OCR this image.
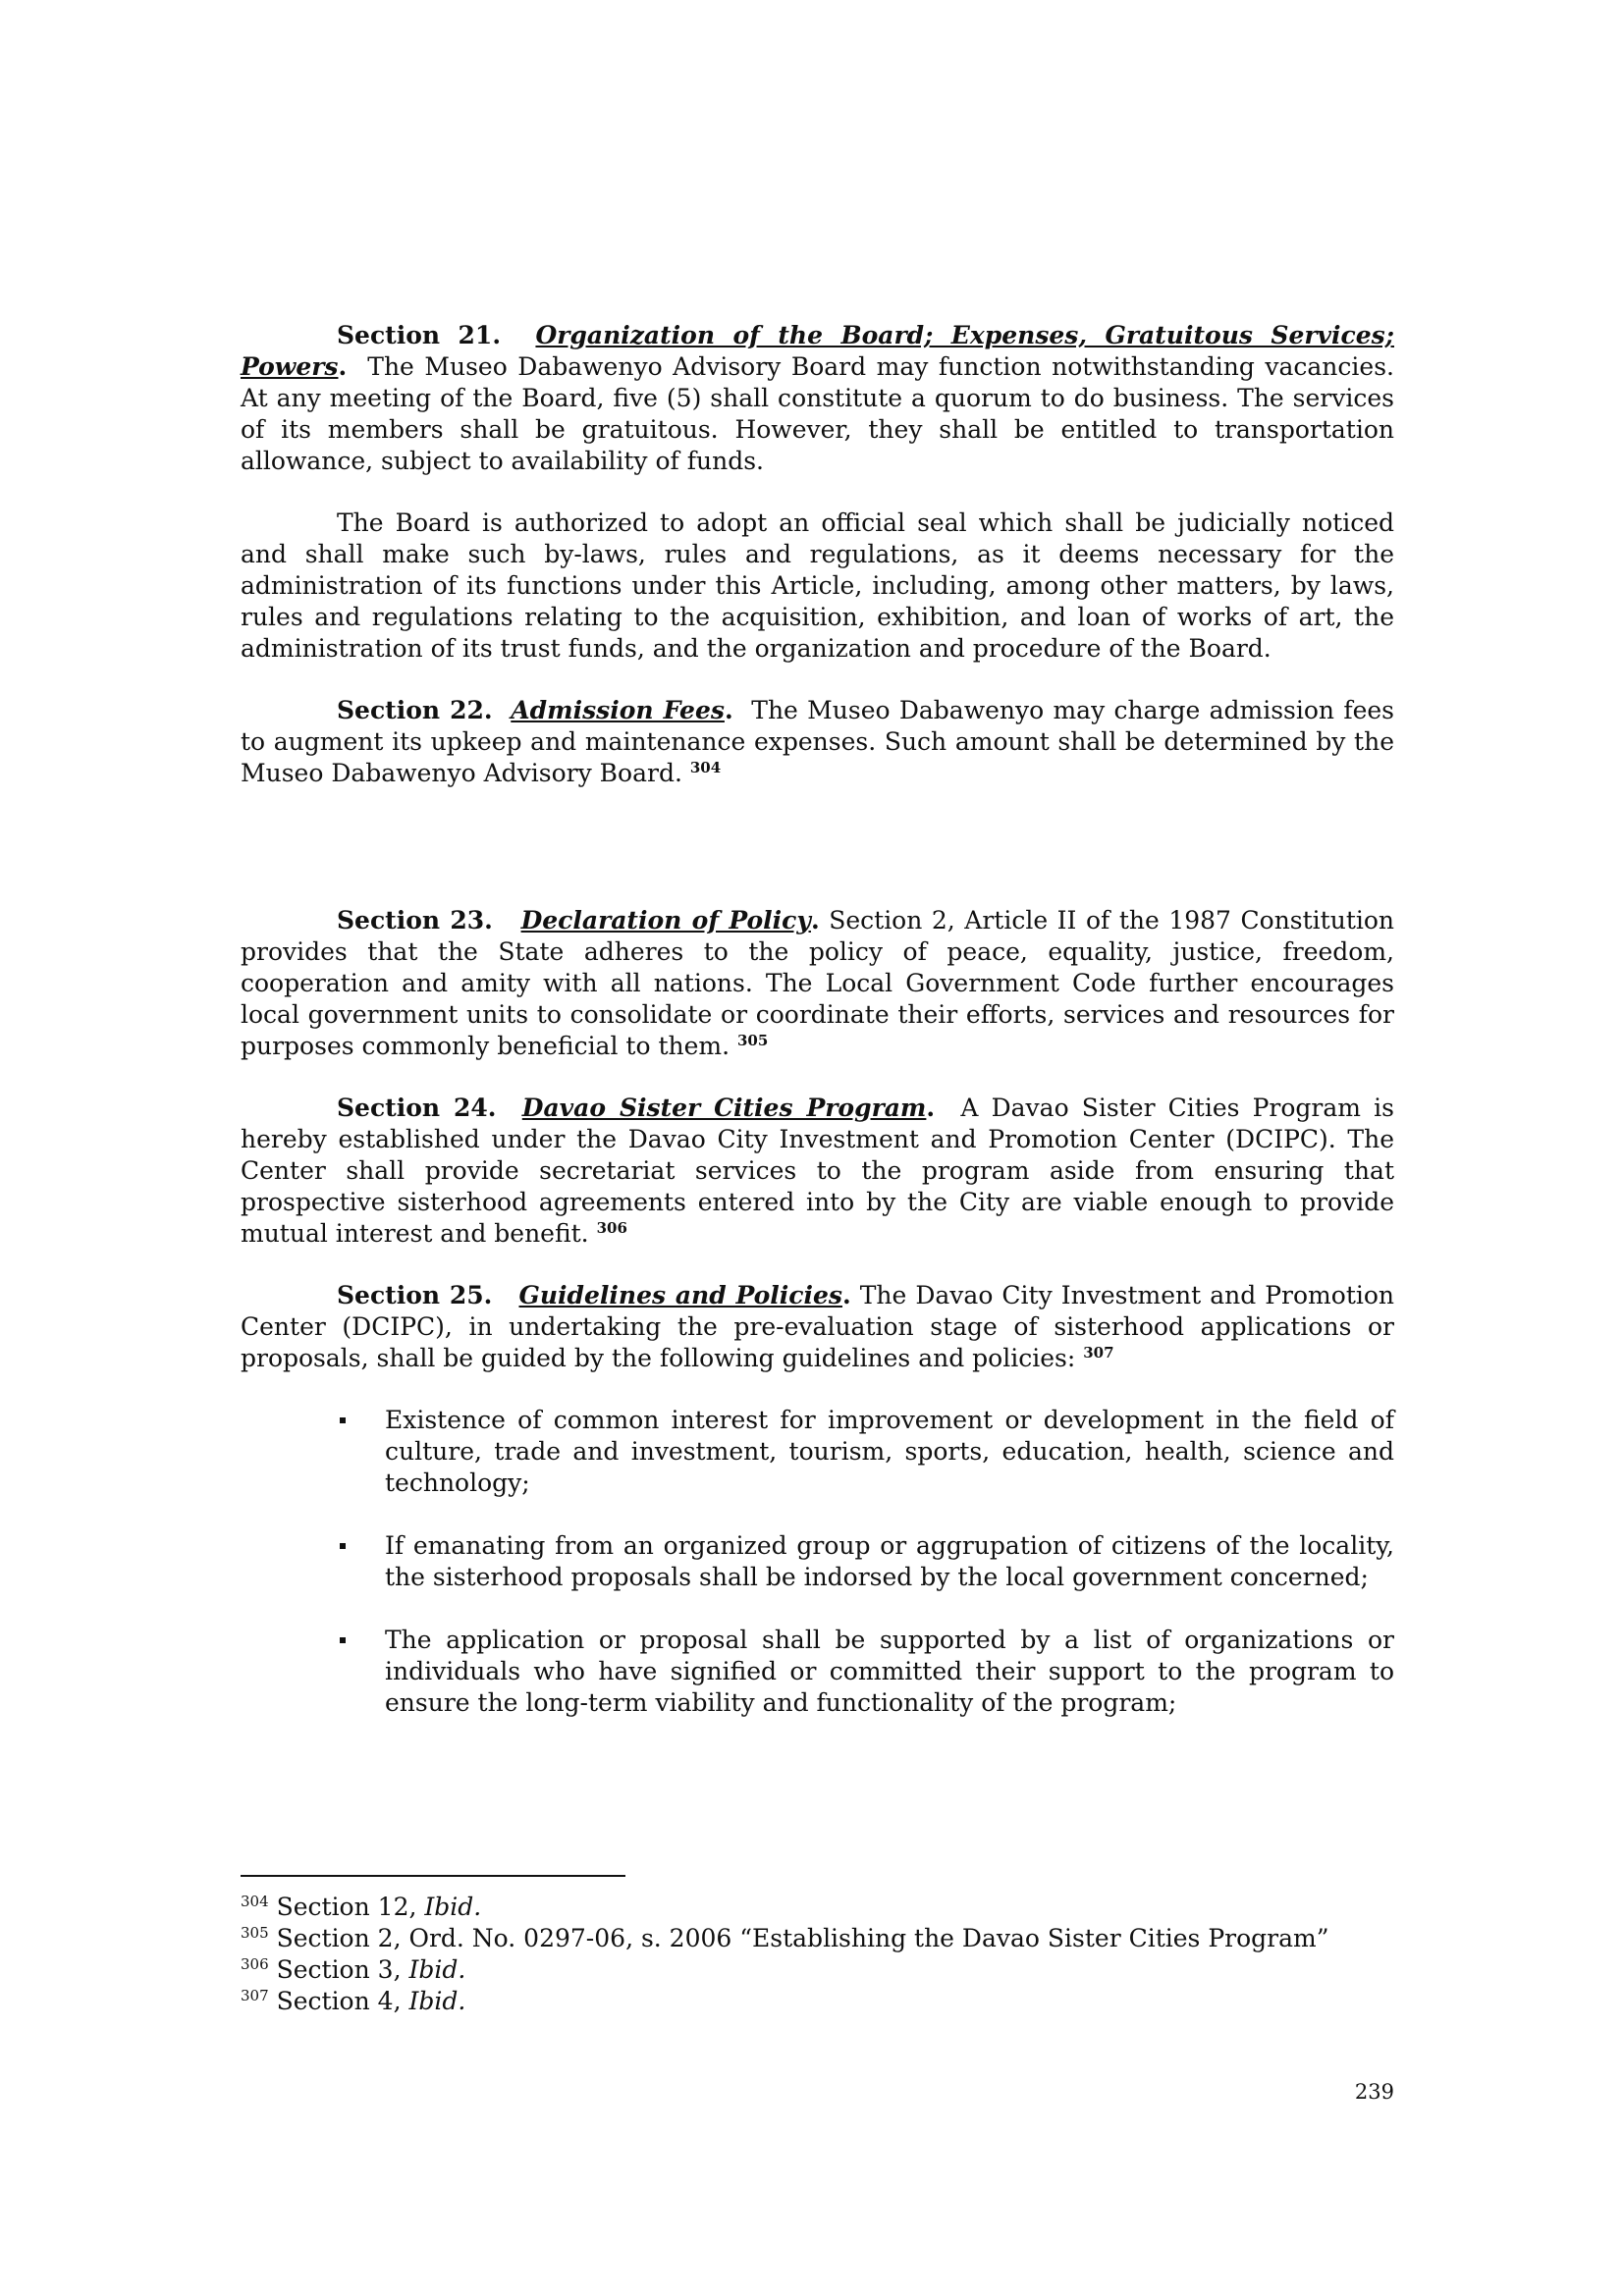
Section 21. Organization of the Board; Expenses, Gratuitous Services; Powers. The Museo Dabawenyo Advisory Board may function notwithstanding vacancies. At any meeting of the Board, five (5) shall constitute a quorum to do business. The services of its members shall be gratuitous. However, they shall be entitled to transportation allowance, subject to availability of funds.

The Board is authorized to adopt an official seal which shall be judicially noticed and shall make such by-laws, rules and regulations, as it deems necessary for the administration of its functions under this Article, including, among other matters, by laws, rules and regulations relating to the acquisition, exhibition, and loan of works of art, the administration of its trust funds, and the organization and procedure of the Board.

Section 22. Admission Fees. The Museo Dabawenyo may charge admission fees to augment its upkeep and maintenance expenses. Such amount shall be determined by the Museo Dabawenyo Advisory Board. $^{304}$

Section 23. Declaration of Policy. Section 2, Article II of the 1987 Constitution provides that the State adheres to the policy of peace, equality, justice, freedom, cooperation and amity with all nations. The Local Government Code further encourages local government units to consolidate or coordinate their efforts, services and resources for purposes commonly beneficial to them. $^{305}$

Section 24. Davao Sister Cities Program. A Davao Sister Cities Program is hereby established under the Davao City Investment and Promotion Center (DCIPC). The Center shall provide secretariat services to the program aside from ensuring that prospective sisterhood agreements entered into by the City are viable enough to provide mutual interest and benefit. $^{306}$

Section 25. Guidelines and Policies. The Davao City Investment and Promotion Center (DCIPC), in undertaking the pre-evaluation stage of sisterhood applications or proposals, shall be guided by the following guidelines and policies: $^{307}$

Existence of common interest for improvement or development in the field of culture, trade and investment, tourism, sports, education, health, science and technology;
If emanating from an organized group or aggrupation of citizens of the locality, the sisterhood proposals shall be indorsed by the local government concerned;
The application or proposal shall be supported by a list of organizations or individuals who have signified or committed their support to the program to ensure the long-term viability and functionality of the program;

$^{304}$ Section 12, Ibid.

$^{305}$ Section 2, Ord. No. 0297-06, s. 2006 “Establishing the Davao Sister Cities Program”

$^{306}$ Section 3, Ibid.

$^{307}$ Section 4, Ibid.

239
